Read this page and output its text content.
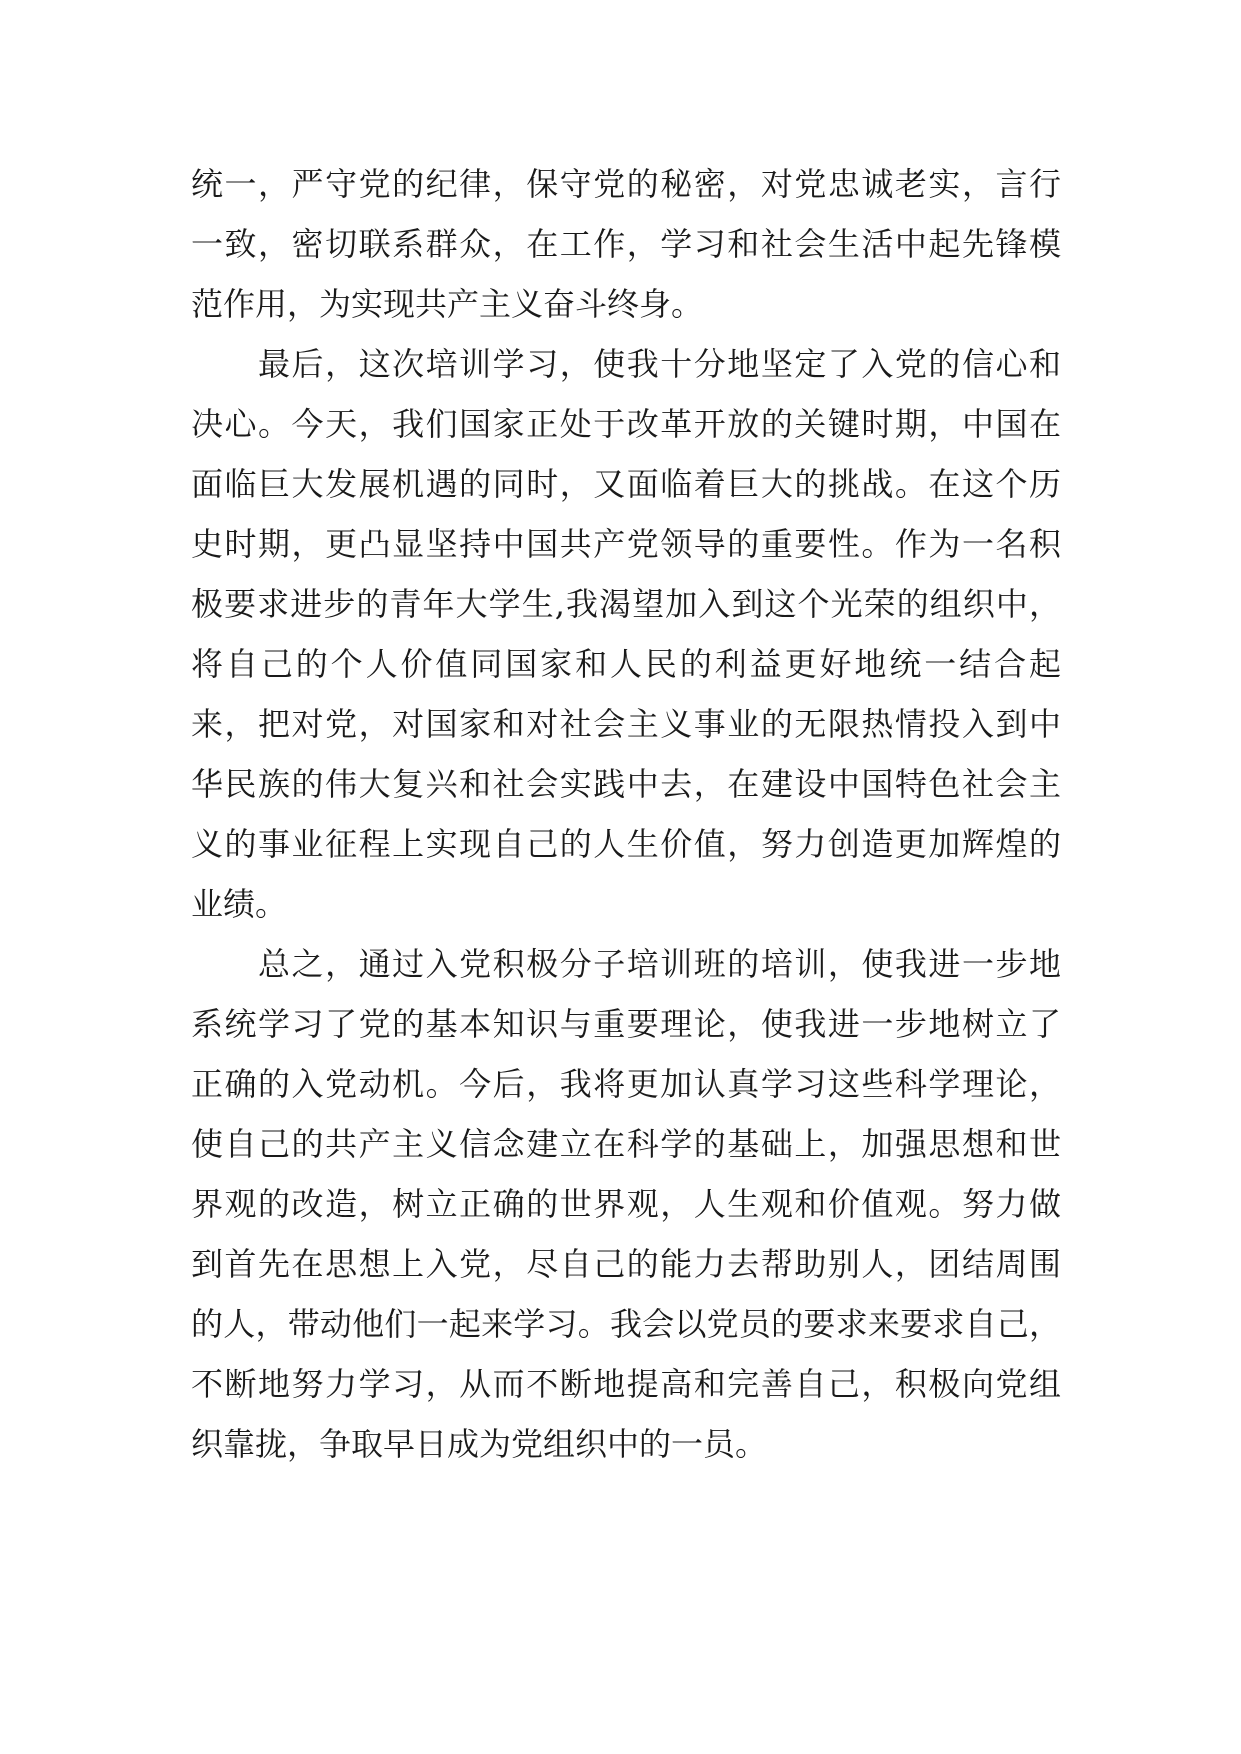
统一，严守党的纪律，保守党的秘密，对党忠诚老实，言行
一致，密切联系群众，在工作，学习和社会生活中起先锋模
范作用，为实现共产主义奋斗终身。
　　最后，这次培训学习，使我十分地坚定了入党的信心和
决心。今天，我们国家正处于改革开放的关键时期，中国在
面临巨大发展机遇的同时，又面临着巨大的挑战。在这个历
史时期，更凸显坚持中国共产党领导的重要性。作为一名积
极要求进步的青年大学生,我渴望加入到这个光荣的组织中，
将自己的个人价值同国家和人民的利益更好地统一结合起
来，把对党，对国家和对社会主义事业的无限热情投入到中
华民族的伟大复兴和社会实践中去，在建设中国特色社会主
义的事业征程上实现自己的人生价值，努力创造更加辉煌的
业绩。
　　总之，通过入党积极分子培训班的培训，使我进一步地
系统学习了党的基本知识与重要理论，使我进一步地树立了
正确的入党动机。今后，我将更加认真学习这些科学理论，
使自己的共产主义信念建立在科学的基础上，加强思想和世
界观的改造，树立正确的世界观，人生观和价值观。努力做
到首先在思想上入党，尽自己的能力去帮助别人，团结周围
的人，带动他们一起来学习。我会以党员的要求来要求自己，
不断地努力学习，从而不断地提高和完善自己，积极向党组
织靠拢，争取早日成为党组织中的一员。
